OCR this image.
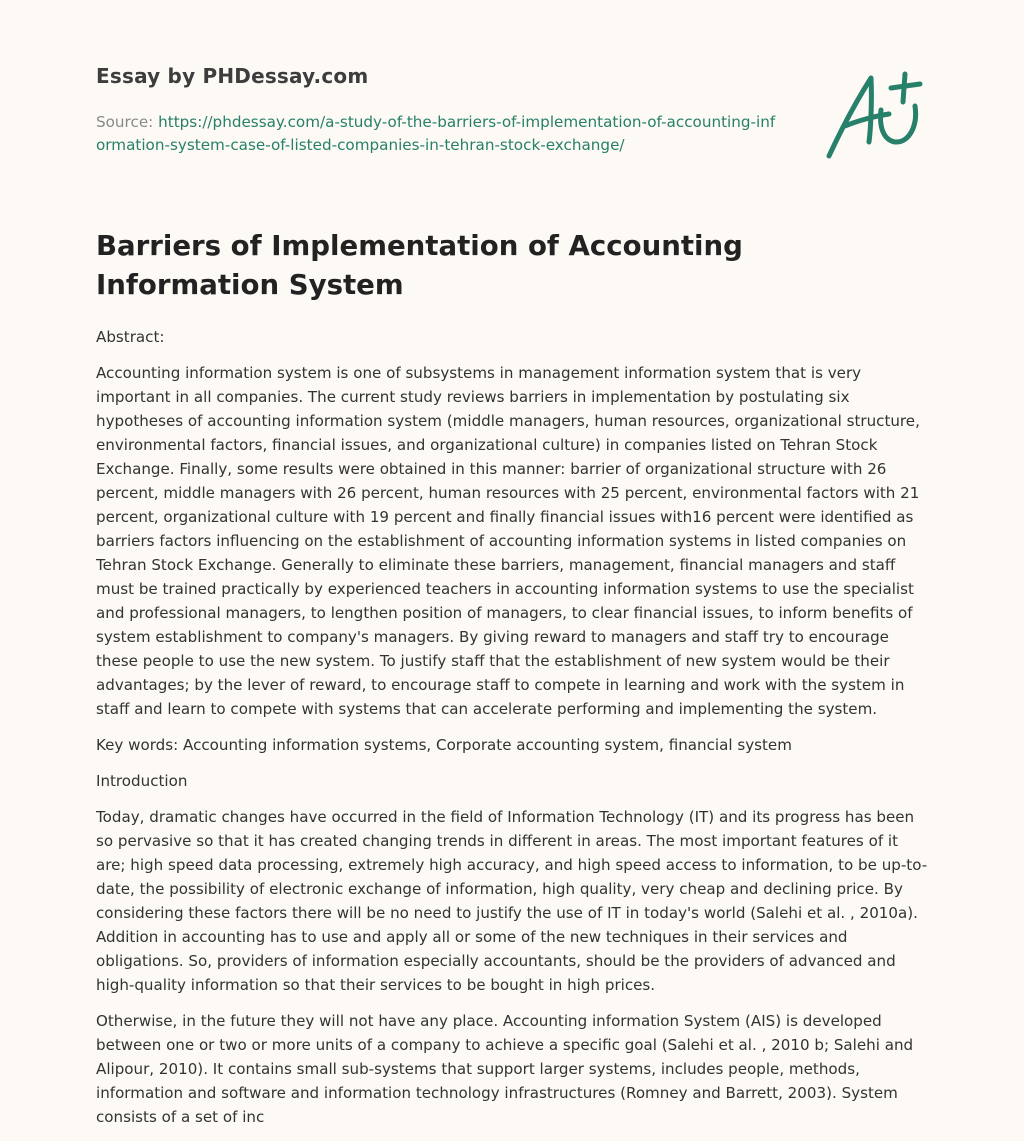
Essay by PHDessay.com
Source: https://phdessay.com/a-study-of-the-barriers-of-implementation-of-accounting-information-system-case-of-listed-companies-in-tehran-stock-exchange/
Barriers of Implementation of Accounting Information System

Abstract:

Accounting information system is one of subsystems in management information system that is very important in all companies. The current study reviews barriers in implementation by postulating six hypotheses of accounting information system (middle managers, human resources, organizational structure, environmental factors, financial issues, and organizational culture) in companies listed on Tehran Stock Exchange. Finally, some results were obtained in this manner: barrier of organizational structure with 26 percent, middle managers with 26 percent, human resources with 25 percent, environmental factors with 21 percent, organizational culture with 19 percent and finally financial issues with16 percent were identified as barriers factors influencing on the establishment of accounting information systems in listed companies on Tehran Stock Exchange. Generally to eliminate these barriers, management, financial managers and staff must be trained practically by experienced teachers in accounting information systems to use the specialist and professional managers, to lengthen position of managers, to clear financial issues, to inform benefits of system establishment to company's managers. By giving reward to managers and staff try to encourage these people to use the new system. To justify staff that the establishment of new system would be their advantages; by the lever of reward, to encourage staff to compete in learning and work with the system in staff and learn to compete with systems that can accelerate performing and implementing the system.

Key words: Accounting information systems, Corporate accounting system, financial system

Introduction

Today, dramatic changes have occurred in the field of Information Technology (IT) and its progress has been so pervasive so that it has created changing trends in different in areas. The most important features of it are; high speed data processing, extremely high accuracy, and high speed access to information, to be up-to-date, the possibility of electronic exchange of information, high quality, very cheap and declining price. By considering these factors there will be no need to justify the use of IT in today's world (Salehi et al. , 2010a). Addition in accounting has to use and apply all or some of the new techniques in their services and obligations. So, providers of information especially accountants, should be the providers of advanced and high-quality information so that their services to be bought in high prices.

Otherwise, in the future they will not have any place. Accounting information System (AIS) is developed between one or two or more units of a company to achieve a specific goal (Salehi et al. , 2010 b; Salehi and Alipour, 2010). It contains small sub-systems that support larger systems, includes people, methods, information and software and information technology infrastructures (Romney and Barrett, 2003). System consists of a set of inc
